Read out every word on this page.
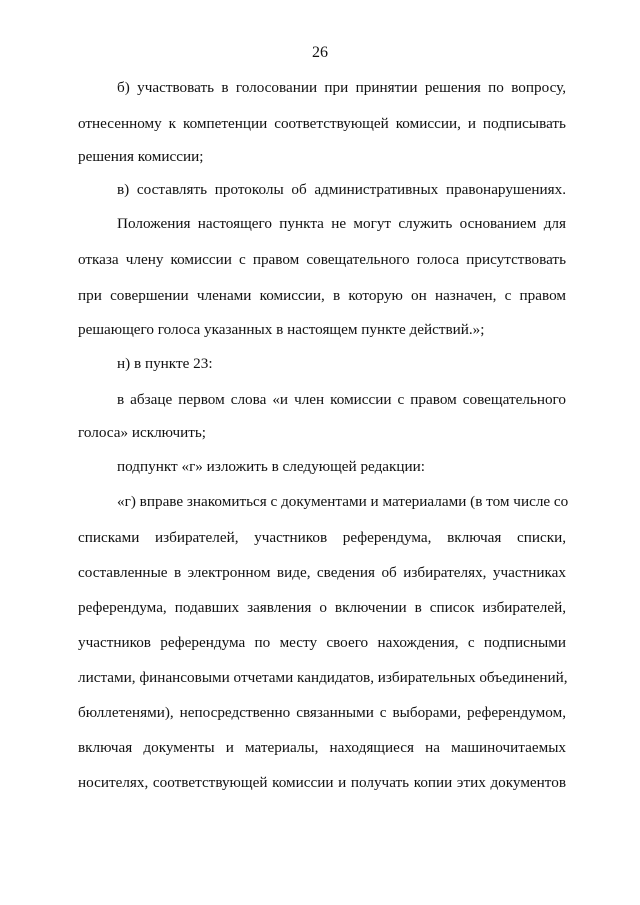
26
б) участвовать в голосовании при принятии решения по вопросу,
отнесенному к компетенции соответствующей комиссии, и подписывать
решения комиссии;
в) составлять протоколы об административных правонарушениях.
Положения настоящего пункта не могут служить основанием для
отказа члену комиссии с правом совещательного голоса присутствовать
при совершении членами комиссии, в которую он назначен, с правом
решающего голоса указанных в настоящем пункте действий.»;
н) в пункте 23:
в абзаце первом слова «и член комиссии с правом совещательного
голоса» исключить;
подпункт «г» изложить в следующей редакции:
«г) вправе знакомиться с документами и материалами (в том числе со
списками избирателей, участников референдума, включая списки,
составленные в электронном виде, сведения об избирателях, участниках
референдума, подавших заявления о включении в список избирателей,
участников референдума по месту своего нахождения, с подписными
листами, финансовыми отчетами кандидатов, избирательных объединений,
бюллетенями), непосредственно связанными с выборами, референдумом,
включая документы и материалы, находящиеся на машиночитаемых
носителях, соответствующей комиссии и получать копии этих документов
